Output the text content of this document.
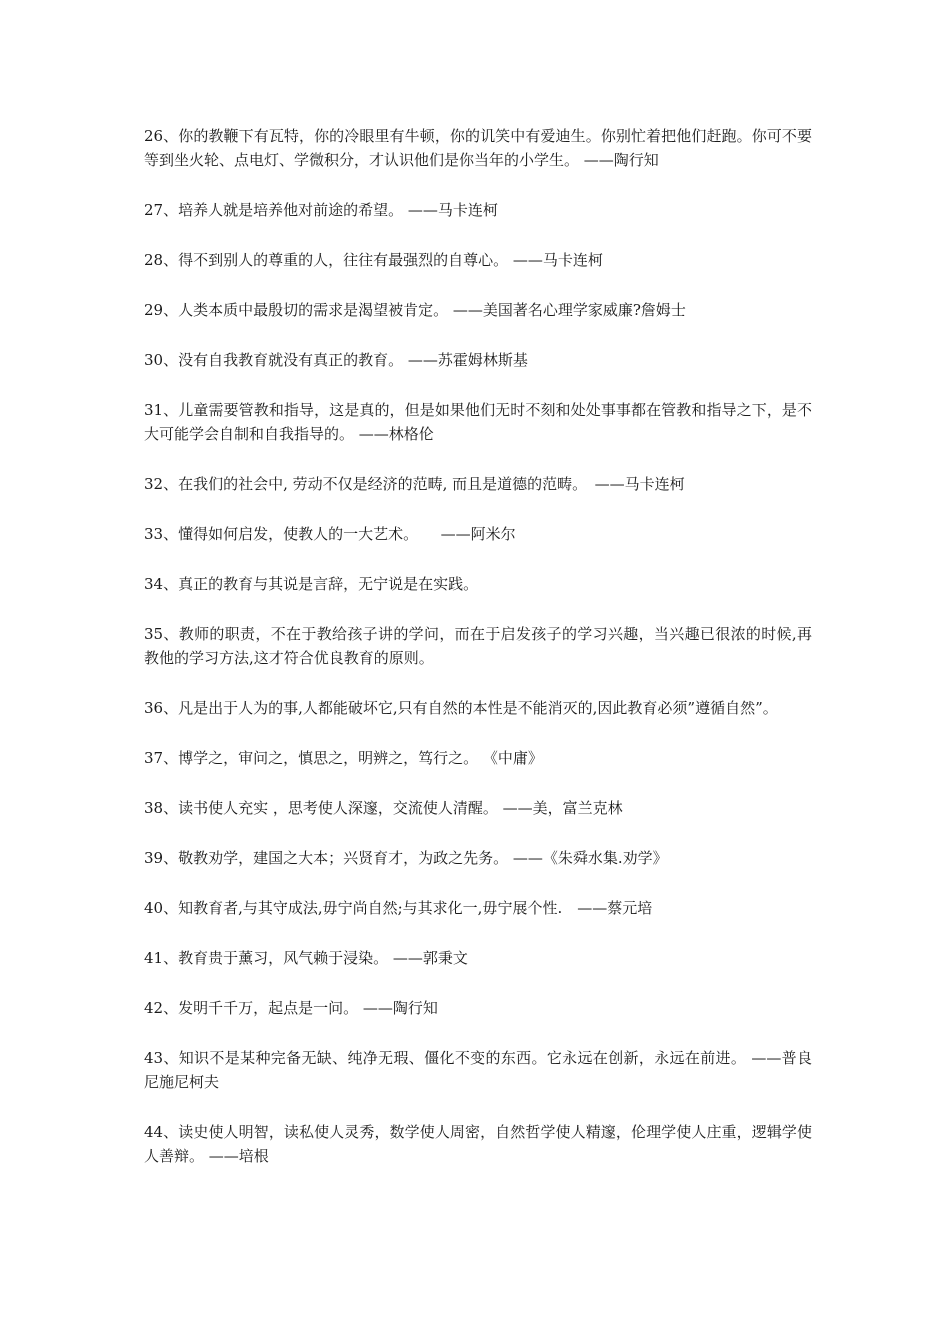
26、你的教鞭下有瓦特，你的冷眼里有牛顿，你的讥笑中有爱迪生。你别忙着把他们赶跑。你可不要等到坐火轮、点电灯、学微积分，才认识他们是你当年的小学生。 ——陶行知

27、培养人就是培养他对前途的希望。 ——马卡连柯

28、得不到别人的尊重的人，往往有最强烈的自尊心。 ——马卡连柯

29、人类本质中最殷切的需求是渴望被肯定。 ——美国著名心理学家威廉?詹姆士

30、没有自我教育就没有真正的教育。 ——苏霍姆林斯基

31、儿童需要管教和指导，这是真的，但是如果他们无时不刻和处处事事都在管教和指导之下，是不大可能学会自制和自我指导的。 ——林格伦

32、在我们的社会中, 劳动不仅是经济的范畴, 而且是道德的范畴。　——马卡连柯

33、懂得如何启发，使教人的一大艺术。　　——阿米尔

34、真正的教育与其说是言辞，无宁说是在实践。

35、教师的职责，不在于教给孩子讲的学问，而在于启发孩子的学习兴趣，当兴趣已很浓的时候,再教他的学习方法,这才符合优良教育的原则。

36、凡是出于人为的事,人都能破坏它,只有自然的本性是不能消灭的,因此教育必须”遵循自然”。

37、博学之，审问之，慎思之，明辨之，笃行之。 《中庸》

38、读书使人充实 ，思考使人深邃，交流使人清醒。 ——美，富兰克林

39、敬教劝学，建国之大本；兴贤育才，为政之先务。 ——《朱舜水集.劝学》

40、知教育者,与其守成法,毋宁尚自然;与其求化一,毋宁展个性.　——蔡元培

41、教育贵于薰习，风气赖于浸染。 ——郭秉文

42、发明千千万，起点是一问。 ——陶行知

43、知识不是某种完备无缺、纯净无瑕、僵化不变的东西。它永远在创新，永远在前进。 ——普良尼施尼柯夫

44、读史使人明智，读私使人灵秀，数学使人周密，自然哲学使人精邃，伦理学使人庄重，逻辑学使人善辩。 ——培根
